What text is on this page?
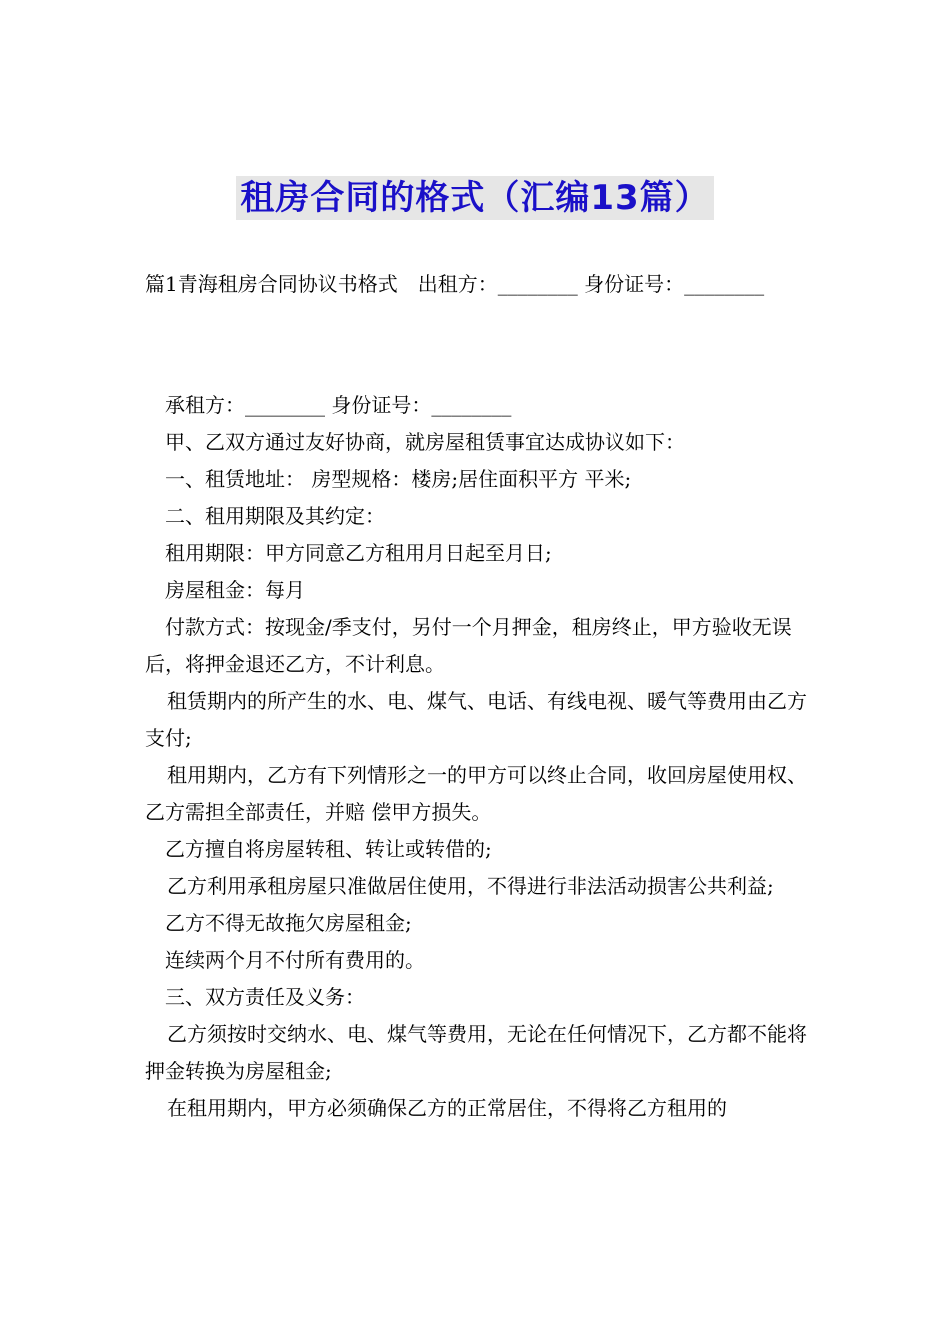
租房合同的格式（汇编13篇）

篇1青海租房合同协议书格式　出租方：________ 身份证号：________

承租方：________ 身份证号：________

甲、乙双方通过友好协商，就房屋租赁事宜达成协议如下：

一、租赁地址： 房型规格：楼房;居住面积平方 平米;

二、租用期限及其约定：

租用期限：甲方同意乙方租用月日起至月日;

房屋租金：每月

付款方式：按现金/季支付，另付一个月押金，租房终止，甲方验收无误后，将押金退还乙方，不计利息。

租赁期内的所产生的水、电、煤气、电话、有线电视、暖气等费用由乙方支付;

租用期内，乙方有下列情形之一的甲方可以终止合同，收回房屋使用权、乙方需担全部责任，并赔 偿甲方损失。

乙方擅自将房屋转租、转让或转借的;

乙方利用承租房屋只准做居住使用，不得进行非法活动损害公共利益;

乙方不得无故拖欠房屋租金;

连续两个月不付所有费用的。

三、双方责任及义务：

乙方须按时交纳水、电、煤气等费用，无论在任何情况下，乙方都不能将押金转换为房屋租金;

在租用期内，甲方必须确保乙方的正常居住，不得将乙方租用的
